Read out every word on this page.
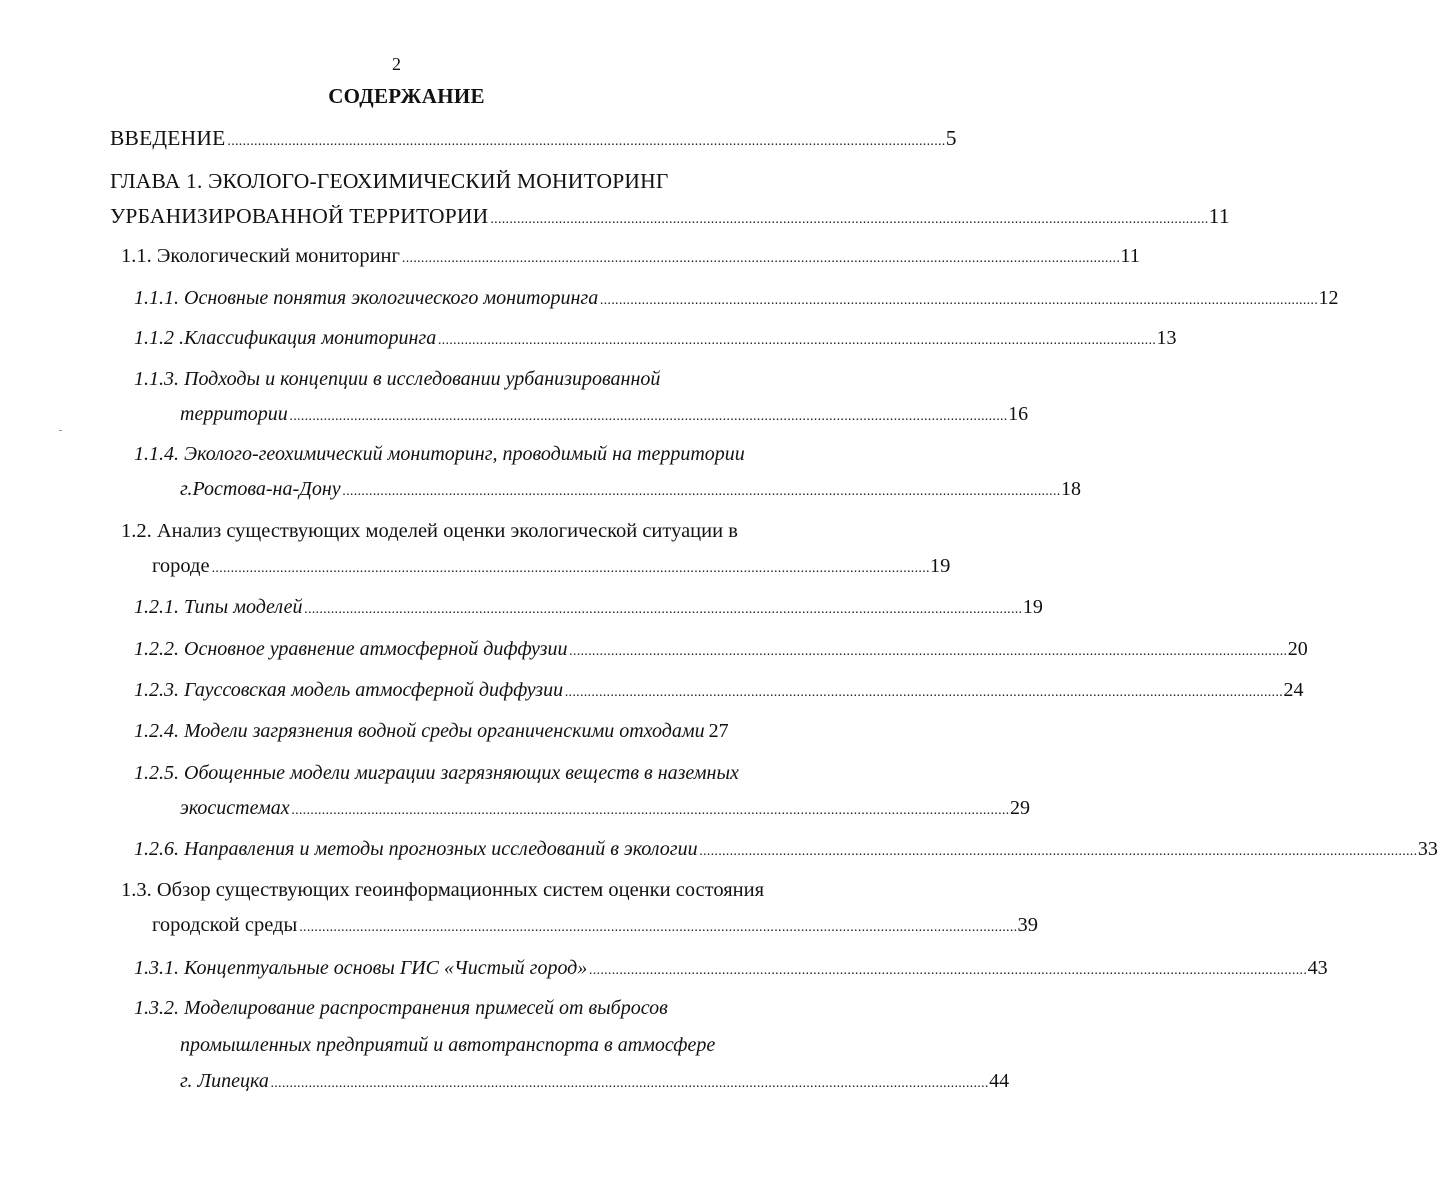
2
СОДЕРЖАНИЕ
ВВЕДЕНИЕ . . .	5
ГЛАВА 1. ЭКОЛОГО-ГЕОХИМИЧЕСКИЙ МОНИТОРИНГ
УРБАНИЗИРОВАННОЙ ТЕРРИТОРИИ . . .	11
1.1. Экологический мониторинг . . .	11
1.1.1. Основные понятия экологического мониторинга . . .	12
1.1.2 .Классификация мониторинга . . .	13
1.1.3. Подходы и концепции в исследовании урбанизированной
территории . . .	16
1.1.4. Эколого-геохимический мониторинг, проводимый на территории
г.Ростова-на-Дону . . .	18
1.2. Анализ существующих моделей оценки экологической ситуации в
городе . . .	19
1.2.1. Типы моделей . . .	19
1.2.2. Основное уравнение атмосферной диффузии . . .	20
1.2.3. Гауссовская модель атмосферной диффузии . . .	24
1.2.4. Модели загрязнения водной среды органиченскими отходами 27
1.2.5. Обощенные модели миграции загрязняющих веществ в наземных
экосистемах . . .	29
1.2.6. Направления и методы прогнозных исследований в экологии . . .	33
1.3. Обзор существующих геоинформационных систем оценки состояния
городской среды . . .	39
1.3.1. Концептуальные основы ГИС «Чистый город» . . .	43
1.3.2. Моделирование распространения примесей от выбросов
промышленных предприятий и автотранспорта в атмосфере
г. Липецка . . .	44
